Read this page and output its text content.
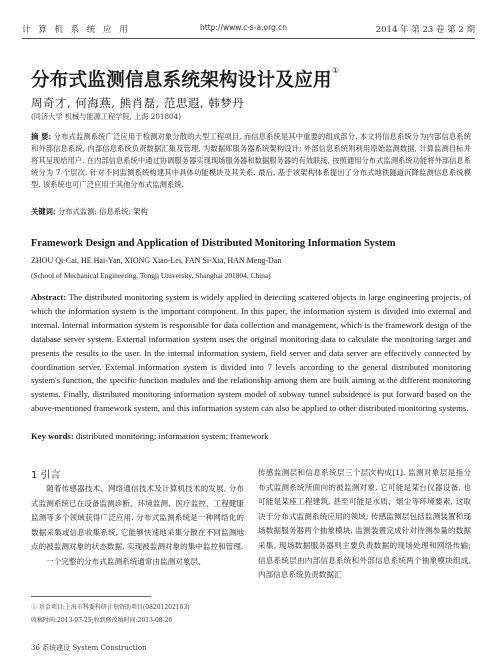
计 算 机 系 统 应 用	http://www.c-s-a.org.cn	2014 年 第 23 卷 第 2 期
分布式监测信息系统架构设计及应用①
周奇才, 何海燕, 熊肖磊, 范思遐, 韩梦丹
(同济大学 机械与能源工程学院, 上海 201804)
摘 要: 分布式监测系统广泛应用于检测对象分散的大型工程项目, 而信息系统是其中重要的组成部分. 本文将信息系统分为内部信息系统和外部信息系统, 内部信息系统负责数据汇集及管理, 为数据库服务器系统架构设计; 外部信息系统则利用原始监测数据, 计算监测目标并将其呈现给用户. 在内部信息系统中通过协调服务器实现现场服务器和数据服务器的有效联接, 按照通用分布式监测系统功能将外部信息系统分为 7 个层次. 针对不同监测系统构建其中具体功能模块及其关系. 最后, 基于该架构体系提出了分布式地铁隧道沉降监测信息系统模型, 该系统也可广泛应用于其他分布式监测系统.
关键词: 分布式监测; 信息系统; 架构
Framework Design and Application of Distributed Monitoring Information System
ZHOU Qi-Cai, HE Hai-Yan, XIONG Xiao-Lei, FAN Si-Xia, HAN Meng-Dan
(School of Mechanical Engineering, Tongji University, Shanghai 201804, China)
Abstract: The distributed monitoring system is widely applied in detecting scattered objects in large engineering projects, of which the information system is the important component. In this paper, the information system is divided into external and internal. Internal information system is responsible for data collection and management, which is the framework design of the database server system. External information system uses the original monitoring data to calculate the monitoring target and presents the results to the user. In the internal information system, field server and data server are effectively connected by coordination server. External information system is divided into 7 levels according to the general distributed monitoring system's function, the specific function modules and the relationship among them are built aiming at the different monitoring systems. Finally, distributed monitoring information system model of subway tunnel subsidence is put forward based on the above-mentioned framework system, and this information system can also be applied to other distributed monitoring systems.
Key words: distributed monitoring; information system; framework
1 引言
随着传感器技术、网络通信技术及计算机技术的发展, 分布式监测系统已在设备监测诊断、环境监测、医疗监控、工程健康监测等多个领域获得广泛应用. 分布式监测系统是一种网络化的数据采集或信息收集系统, 它能够快速地采集分散在不同监测地点的被监测对象的状态数据, 实现被监测对象的集中监控和管理.
一个完整的分布式监测系统通常由监测对象层、
传感监测层和信息系统层三个层次构成[1]. 监测对象层是指分布式监测系统所面向的被监测对象, 它可能是某台仪器设备, 也可能是某座工程建筑, 甚至可能是水质、烟尘等环境要素, 这取决于分布式监测系统应用的领域; 传感监测层包括监测装置和现场数据服务器两个抽象模块, 监测装置完成针对待测参量的数据采集, 现场数据服务器则主要负责数据的现场处理和网络传输; 信息系统层由内部信息系统和外部信息系统两个抽象模块组成, 内部信息系统负责数据汇
① 基金项目:上海市科委科研计划资助项目(08201202103)
收稿时间:2013-07-25;收到修改稿时间:2013-08-26
36 系统建设 System Construction
